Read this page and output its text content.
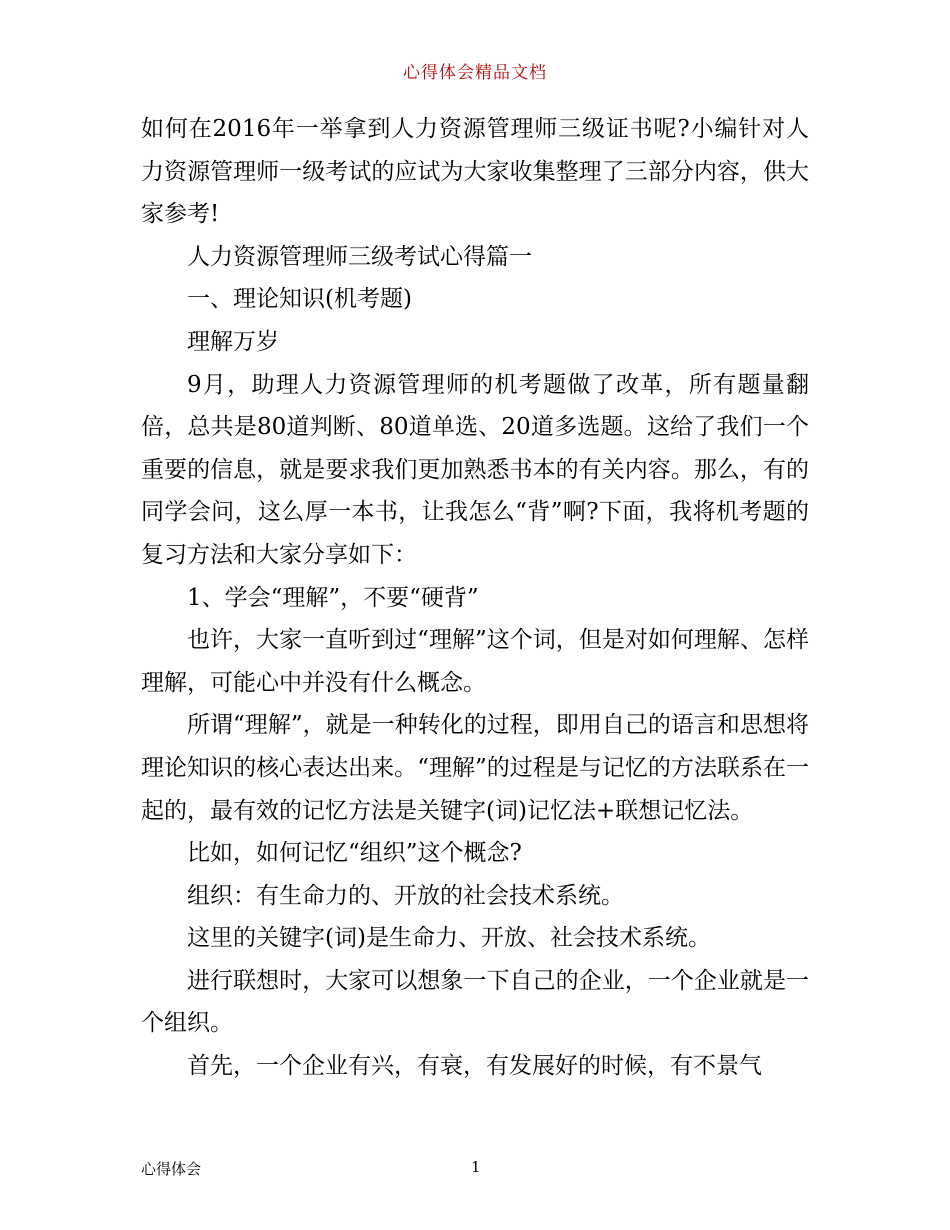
心得体会精品文档

如何在2016年一举拿到人力资源管理师三级证书呢?小编针对人力资源管理师一级考试的应试为大家收集整理了三部分内容，供大家参考!

人力资源管理师三级考试心得篇一

一、理论知识(机考题)

理解万岁

9月，助理人力资源管理师的机考题做了改革，所有题量翻倍，总共是80道判断、80道单选、20道多选题。这给了我们一个重要的信息，就是要求我们更加熟悉书本的有关内容。那么，有的同学会问，这么厚一本书，让我怎么“背”啊?下面，我将机考题的复习方法和大家分享如下：

1、学会“理解”，不要“硬背”

也许，大家一直听到过“理解”这个词，但是对如何理解、怎样理解，可能心中并没有什么概念。

所谓“理解”，就是一种转化的过程，即用自己的语言和思想将理论知识的核心表达出来。“理解”的过程是与记忆的方法联系在一起的，最有效的记忆方法是关键字(词)记忆法+联想记忆法。

比如，如何记忆“组织”这个概念?

组织：有生命力的、开放的社会技术系统。

这里的关键字(词)是生命力、开放、社会技术系统。

进行联想时，大家可以想象一下自己的企业，一个企业就是一个组织。

首先，一个企业有兴，有衰，有发展好的时候，有不景气

心得体会	1
